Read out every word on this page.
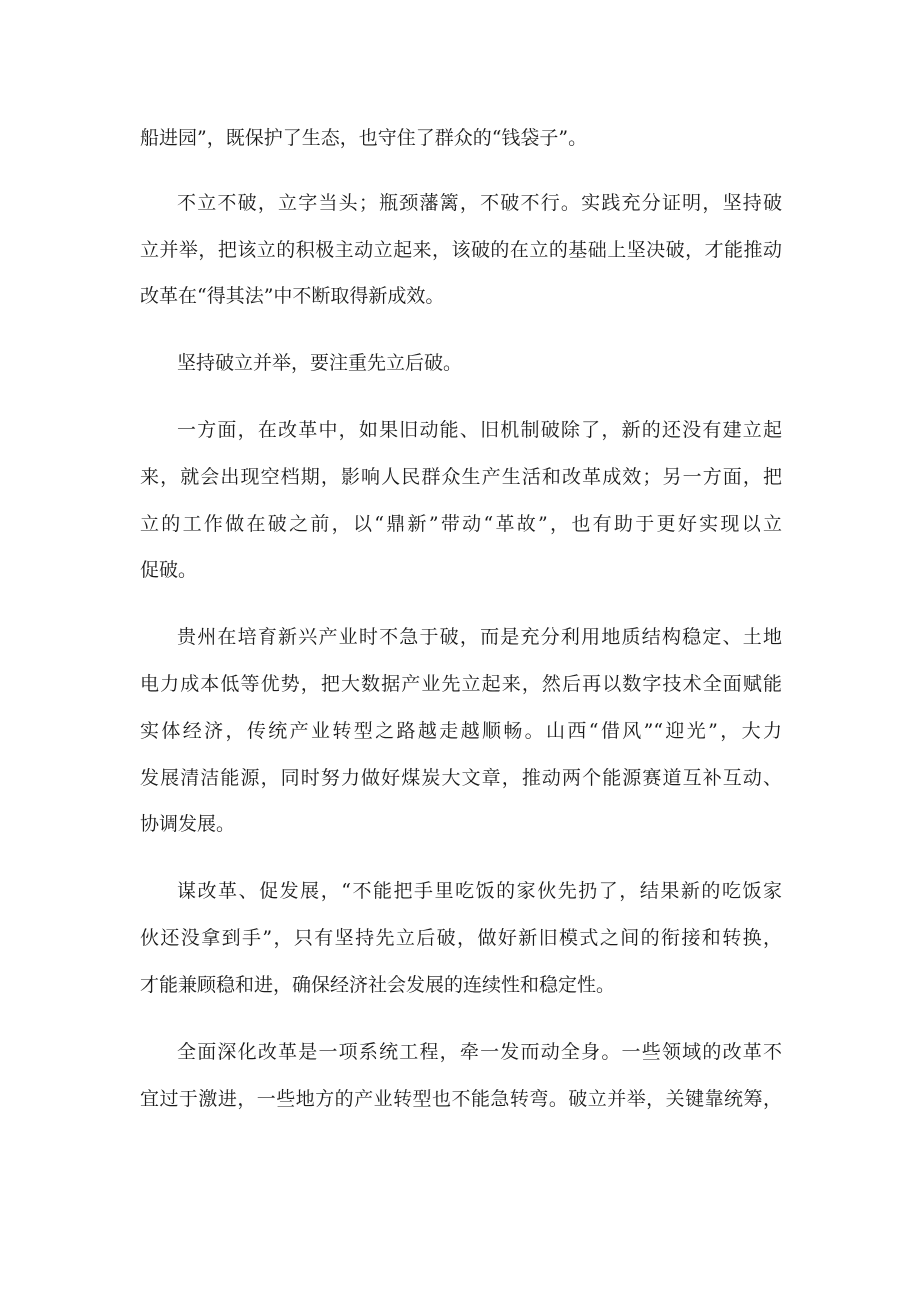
船进园”，既保护了生态，也守住了群众的“钱袋子”。
不立不破，立字当头；瓶颈藩篱，不破不行。实践充分证明，坚持破
立并举，把该立的积极主动立起来，该破的在立的基础上坚决破，才能推动
改革在“得其法”中不断取得新成效。
坚持破立并举，要注重先立后破。
一方面，在改革中，如果旧动能、旧机制破除了，新的还没有建立起
来，就会出现空档期，影响人民群众生产生活和改革成效；另一方面，把
立的工作做在破之前，以“鼎新”带动“革故”，也有助于更好实现以立
促破。
贵州在培育新兴产业时不急于破，而是充分利用地质结构稳定、土地
电力成本低等优势，把大数据产业先立起来，然后再以数字技术全面赋能
实体经济，传统产业转型之路越走越顺畅。山西“借风”“迎光”，大力
发展清洁能源，同时努力做好煤炭大文章，推动两个能源赛道互补互动、
协调发展。
谋改革、促发展，“不能把手里吃饭的家伙先扔了，结果新的吃饭家
伙还没拿到手”，只有坚持先立后破，做好新旧模式之间的衔接和转换，
才能兼顾稳和进，确保经济社会发展的连续性和稳定性。
全面深化改革是一项系统工程，牵一发而动全身。一些领域的改革不
宜过于激进，一些地方的产业转型也不能急转弯。破立并举，关键靠统筹，
